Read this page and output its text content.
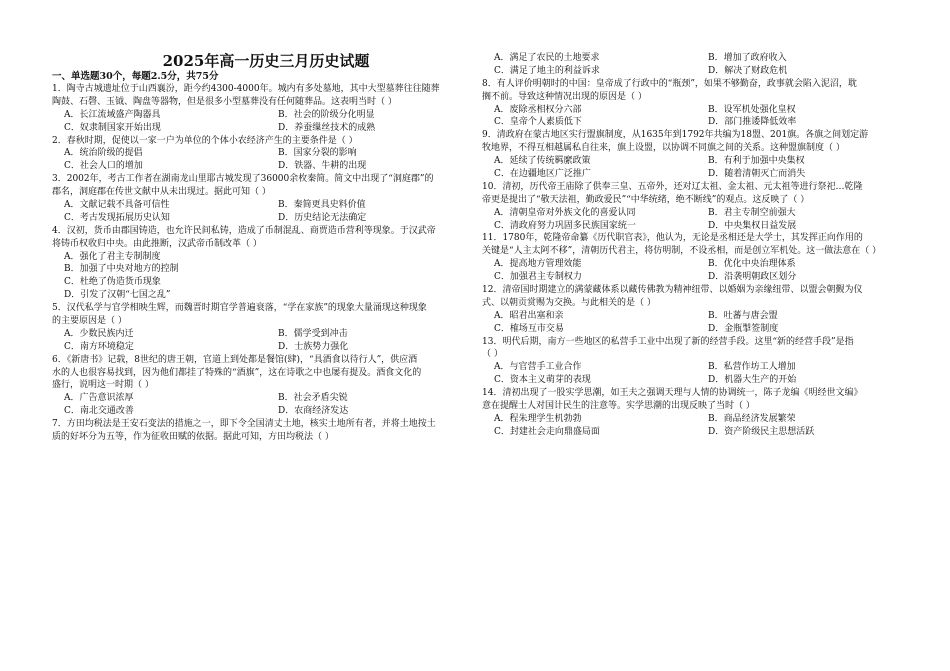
2025年高一历史三月历史试题
一、单选题30个，每题2.5分，共75分
1．陶寺古城遗址位于山西襄汾，距今约4300-4000年。城内有多处墓地，其中大型墓葬往往随葬
陶鼓、石磬、玉钺、陶盘等器物，但是很多小型墓葬没有任何随葬品。这表明当时（ ）
A．长江流域盛产陶器具	B．社会的阶级分化明显
C．奴隶制国家开始出现	D．养蚕缫丝技术的成熟
2．春秋时期，促使以一家一户为单位的个体小农经济产生的主要条件是（ ）
A．统治阶级的提倡	B．国家分裂的影响
C．社会人口的增加	D．铁器、牛耕的出现
3．2002年，考古工作者在湖南龙山里耶古城发现了36000余枚秦简。简文中出现了“洞庭郡”的
郡名，洞庭郡在传世文献中从未出现过。据此可知（ ）
A．文献记载不具备可信性	B．秦简更具史料价值
C．考古发现拓展历史认知	D．历史结论无法确定
4．汉初，货币由郡国铸造，也允许民间私铸，造成了币制混乱、商贾造币营利等现象。于汉武帝
将铸币权收归中央。由此推断，汉武帝币制改革（ ）
A．强化了君主专制制度
B．加强了中央对地方的控制
C．杜绝了伪造货币现象
D．引发了汉朝“七国之乱”
5．汉代私学与官学相映生辉，而魏晋时期官学普遍衰落，“学在家族”的现象大量涌现这种现象
的主要原因是（ ）
A．少数民族内迁	B．儒学受到冲击
C．南方环境稳定	D．士族势力强化
6．《新唐书》记载，8世纪的唐王朝，官道上到处都是餐馆(肆)，“具酒食以待行人”，供应酒
水的人也很容易找到，因为他们都挂了特殊的“酒旗”，这在诗歌之中也屡有提及。酒食文化的
盛行，说明这一时期（ ）
A．广告意识浓厚	B．社会矛盾尖锐
C．南北交通改善	D．农商经济发达
7．方田均税法是王安石变法的措施之一，即下令全国清丈土地，核实土地所有者，并将土地按土
质的好坏分为五等，作为征收田赋的依据。据此可知，方田均税法（ ）
A．满足了农民的土地要求	B．增加了政府收入
C．满足了地主的利益诉求	D．解决了财政危机
8．有人评价明朝时的中国：皇帝成了行政中的“瓶颈”，如果不够勤奋，政事就会陷入泥沼，耽
搁不前。导致这种情况出现的原因是（ ）
A．废除丞相权分六部	B．设军机处强化皇权
C．皇帝个人素质低下	D．部门推诿降低效率
9．清政府在蒙古地区实行盟旗制度，从1635年到1792年共编为18盟、201旗。各旗之间划定游
牧地界，不得互相越属私自往来，旗上设盟，以协调不同旗之间的关系。这种盟旗制度（ ）
A．延续了传统羁縻政策	B．有利于加强中央集权
C．在边疆地区广泛推广	D．随着清朝灭亡而消失
10．清初，历代帝王庙除了供奉三皇、五帝外，还对辽太祖、金太祖、元太祖等进行祭祀…乾隆
帝更是提出了“敬天法祖，勤政爱民”“中华统绪，绝不断线”的观点。这反映了（ ）
A．清朝皇帝对外族文化的喜爱认同	B．君主专制空前强大
C．清政府努力巩固多民族国家统一	D．中央集权日益发展
11．1780年，乾隆帝命纂《历代职官表》，他认为，无论是丞相还是大学士，其发挥正向作用的
关键是“人主太阿不移”，清朝历代君主，将仿明制，不设丞相，而是创立军机处。这一做法意在（ ）
A．提高地方管理效能	B．优化中央治理体系
C．加强君主专制权力	D．沿袭明朝政区划分
12．清帝国时期建立的满蒙藏体系以藏传佛教为精神纽带、以婚姻为亲缘纽带、以盟会朝觐为仪
式、以朝贡赏赐为交换。与此相关的是（ ）
A．昭君出塞和亲	B．吐蕃与唐会盟
C．榷场互市交易	D．金瓶掣签制度
13．明代后期，南方一些地区的私营手工业中出现了新的经营手段。这里“新的经营手段”是指
（ ）
A．与官营手工业合作	B．私营作坊工人增加
C．资本主义萌芽的表现	D．机器大生产的开始
14．清初出现了一股实学思潮，如王夫之强调天理与人情的协调统一，陈子龙编《明经世文编》
意在提醒士人对国计民生的注意等。实学思潮的出现反映了当时（ ）
A．程朱理学生机勃勃	B．商品经济发展繁荣
C．封建社会走向鼎盛局面	D．资产阶级民主思想活跃
